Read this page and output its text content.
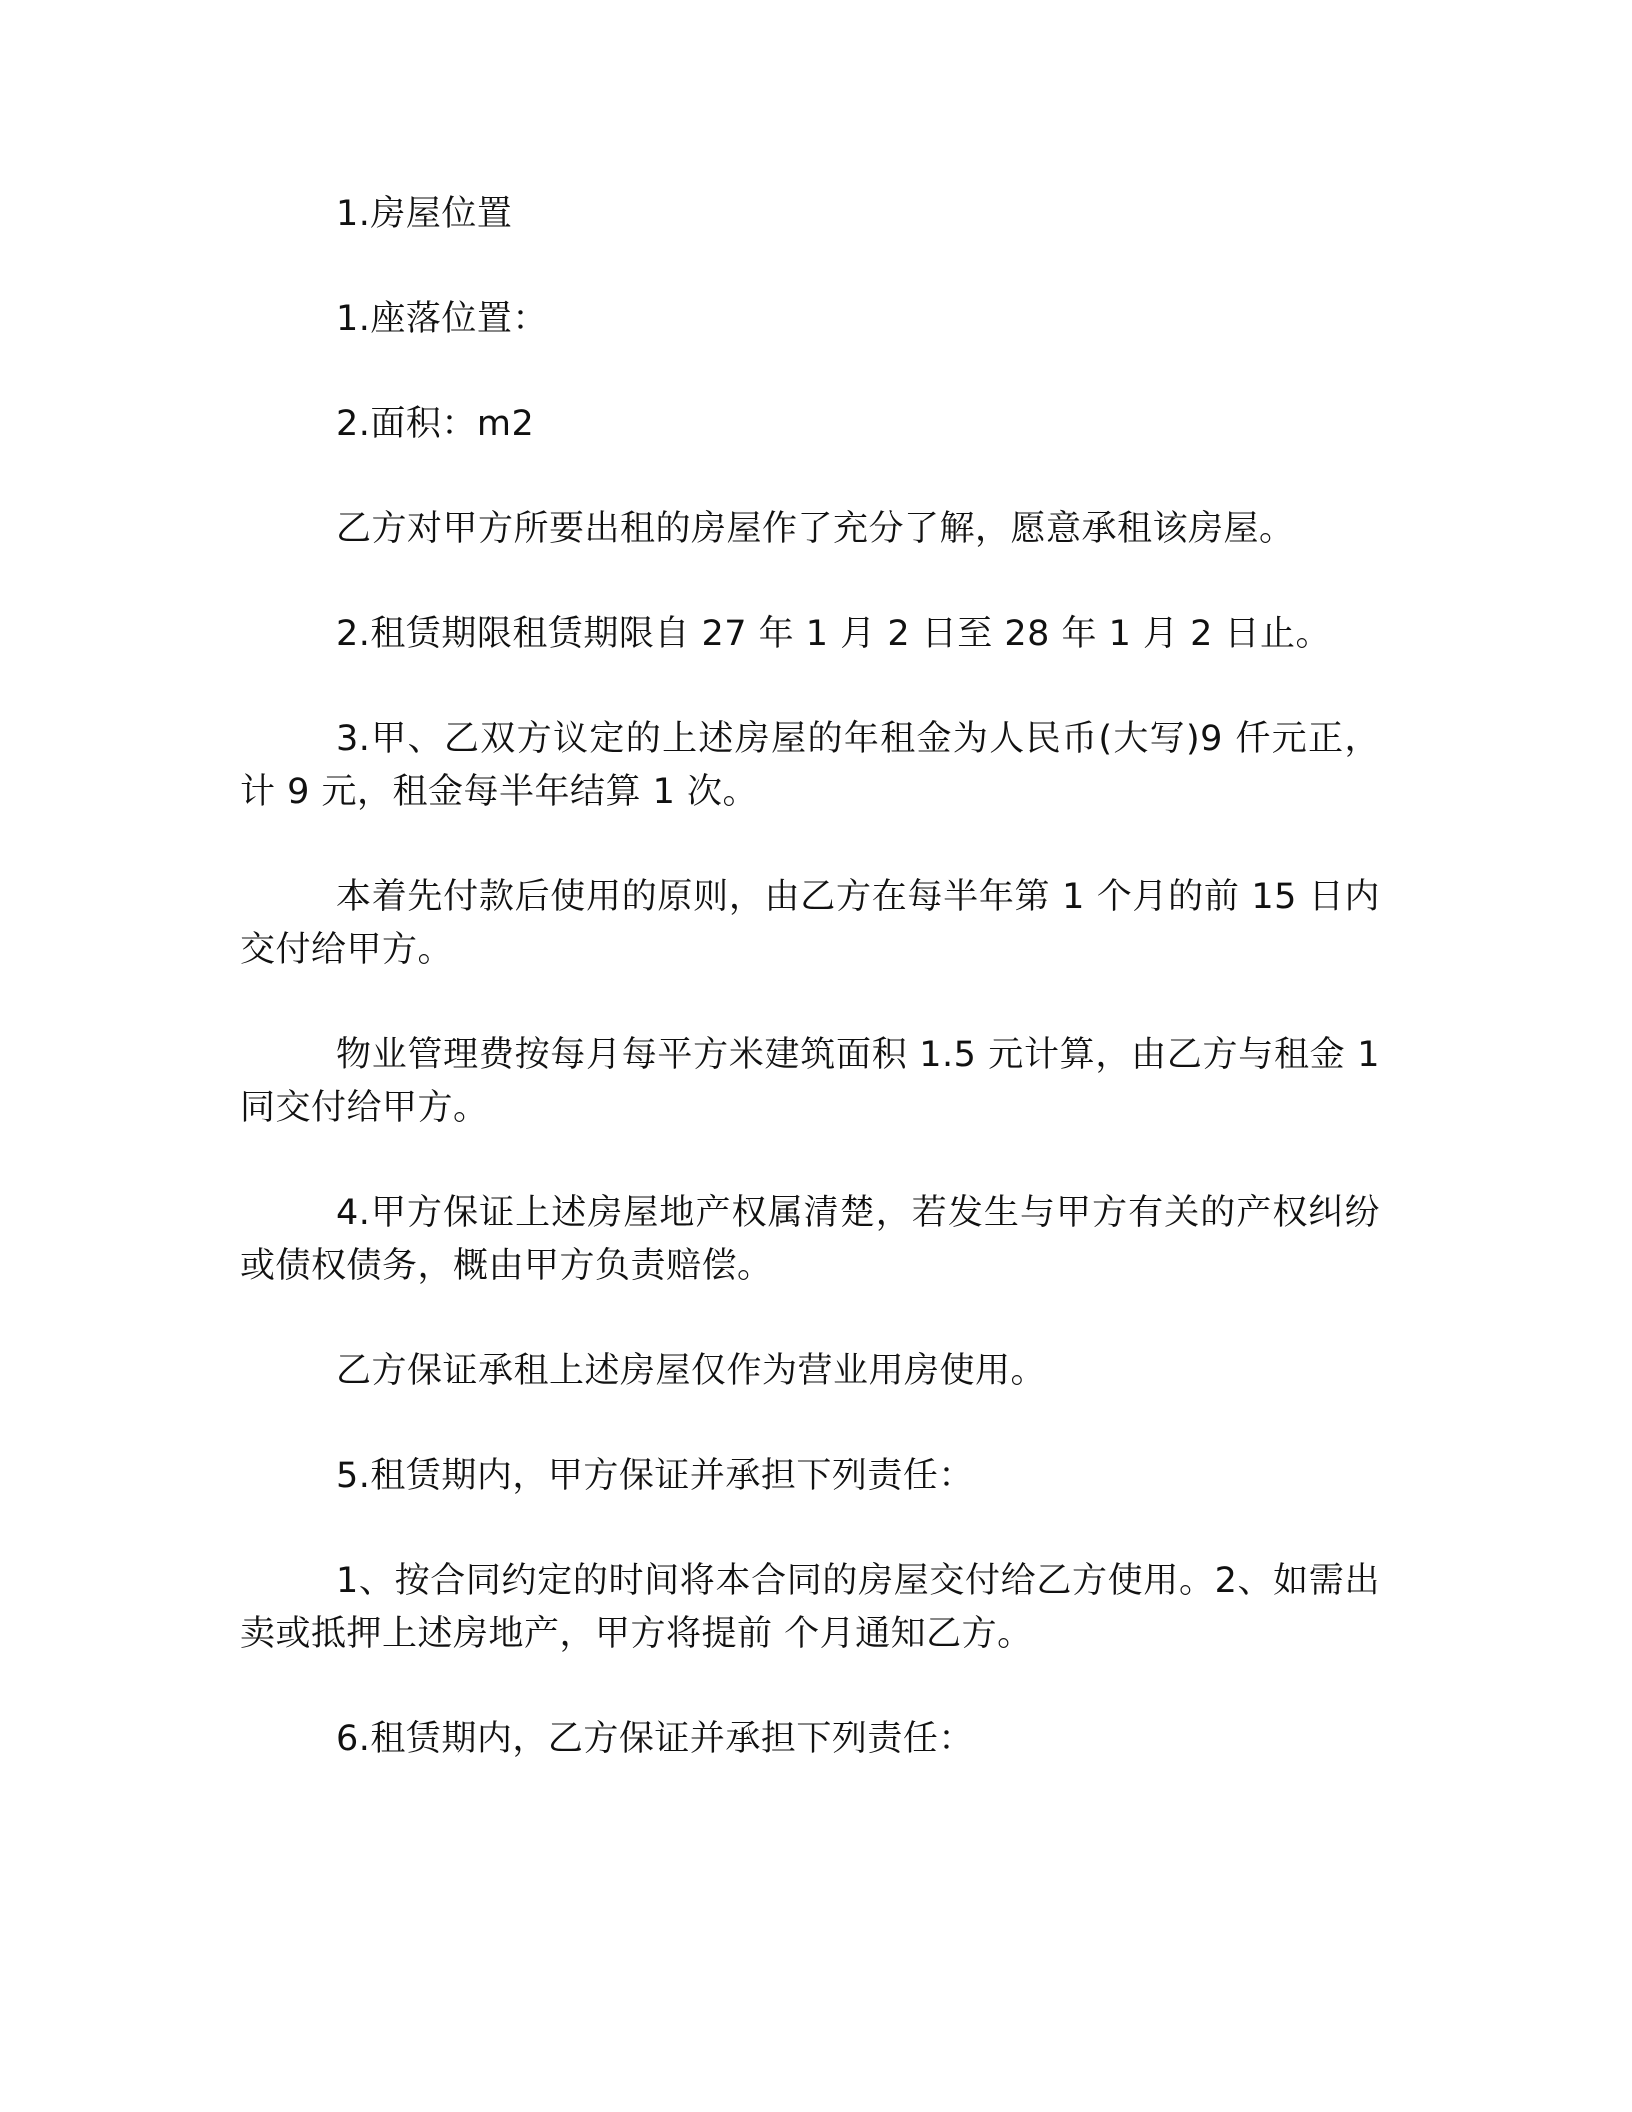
1.房屋位置

1.座落位置：

2.面积：m2

乙方对甲方所要出租的房屋作了充分了解，愿意承租该房屋。

2.租赁期限租赁期限自 27 年 1 月 2 日至 28 年 1 月 2 日止。

3.甲、乙双方议定的上述房屋的年租金为人民币(大写)9 仟元正，计 9 元，租金每半年结算 1 次。

本着先付款后使用的原则，由乙方在每半年第 1 个月的前 15 日内交付给甲方。

物业管理费按每月每平方米建筑面积 1.5 元计算，由乙方与租金 1 同交付给甲方。

4.甲方保证上述房屋地产权属清楚，若发生与甲方有关的产权纠纷或债权债务，概由甲方负责赔偿。

乙方保证承租上述房屋仅作为营业用房使用。

5.租赁期内，甲方保证并承担下列责任：

1、按合同约定的时间将本合同的房屋交付给乙方使用。2、如需出卖或抵押上述房地产，甲方将提前 个月通知乙方。

6.租赁期内，乙方保证并承担下列责任：
